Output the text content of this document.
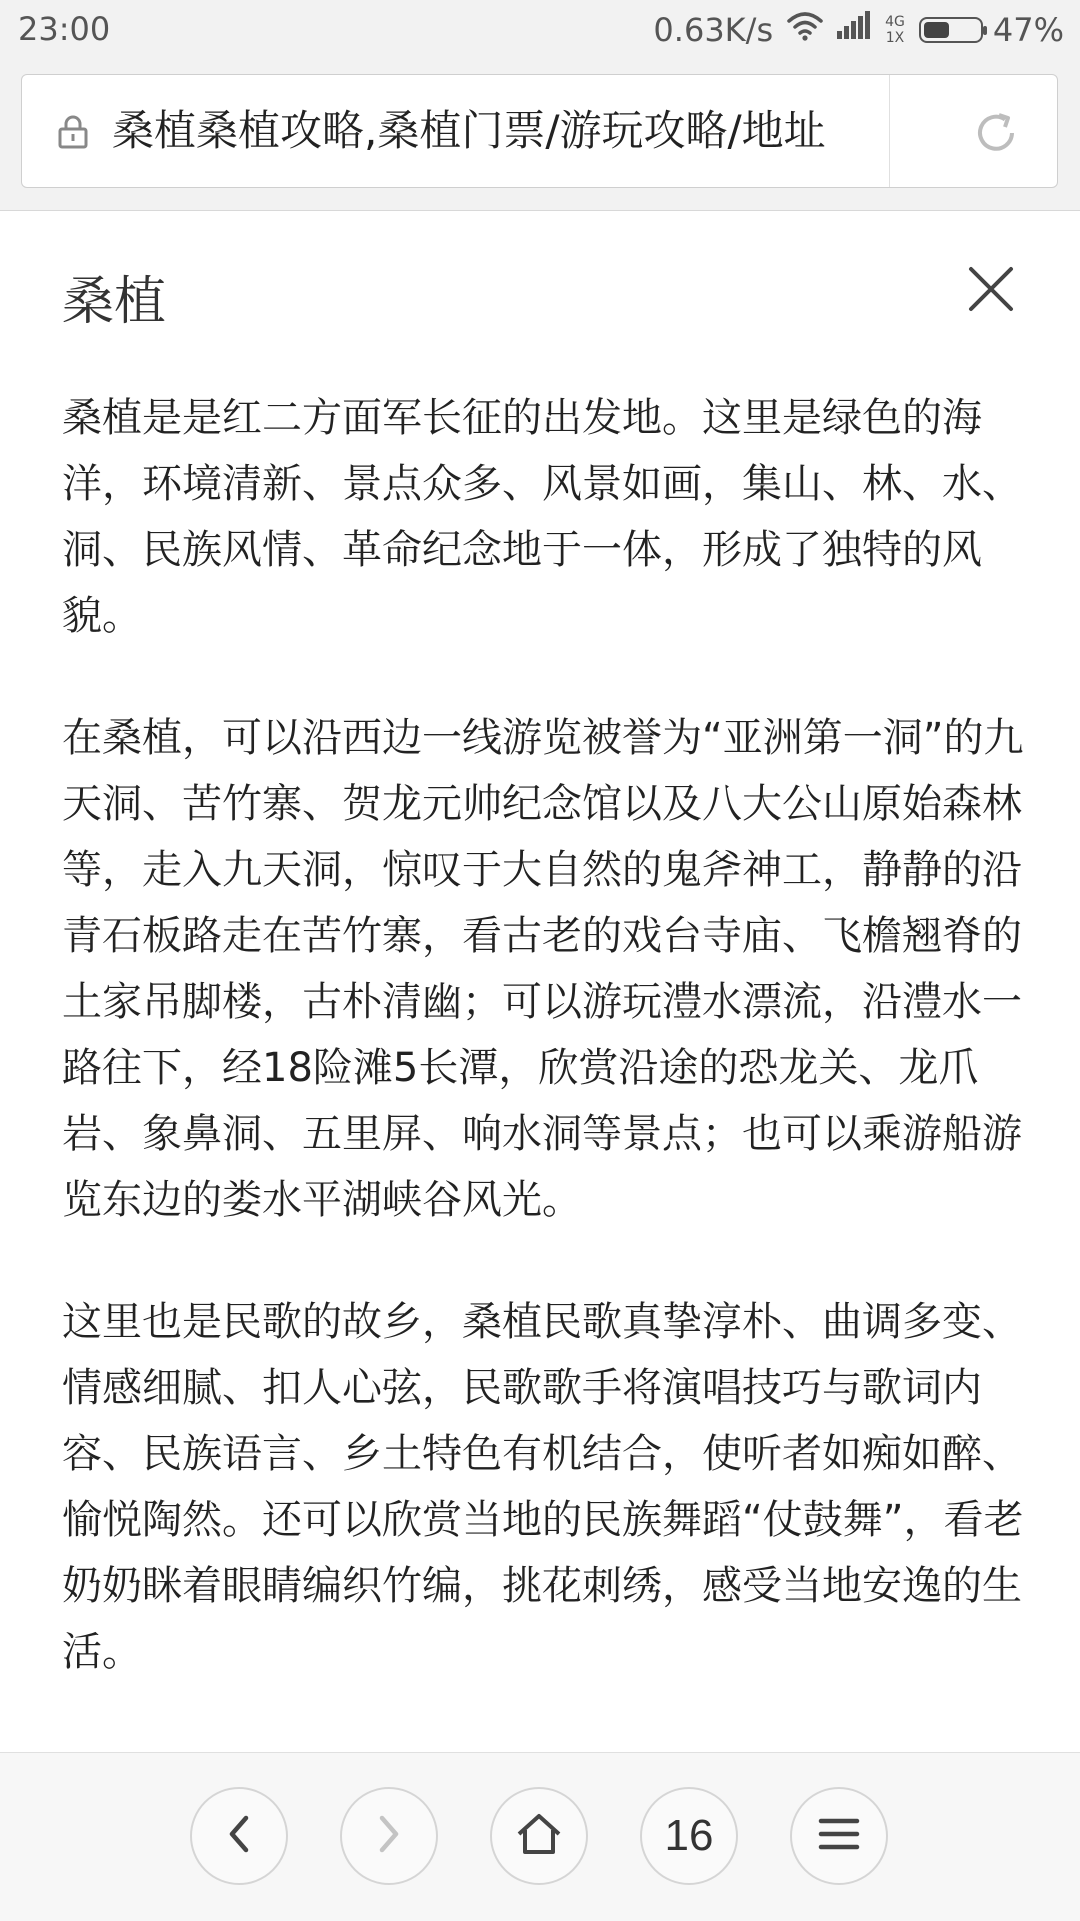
23:00	0.63K/s	4G
1X	47%
桑植桑植攻略,桑植门票/游玩攻略/地址
桑植

桑植是是红二方面军长征的出发地。这里是绿色的海洋，环境清新、景点众多、风景如画，集山、林、水、洞、民族风情、革命纪念地于一体，形成了独特的风貌。

在桑植，可以沿西边一线游览被誉为“亚洲第一洞”的九天洞、苦竹寨、贺龙元帅纪念馆以及八大公山原始森林等，走入九天洞，惊叹于大自然的鬼斧神工，静静的沿青石板路走在苦竹寨，看古老的戏台寺庙、飞檐翘脊的土家吊脚楼，古朴清幽；可以游玩澧水漂流，沿澧水一路往下，经18险滩5长潭，欣赏沿途的恐龙关、龙爪岩、象鼻洞、五里屏、响水洞等景点；也可以乘游船游览东边的娄水平湖峡谷风光。

这里也是民歌的故乡，桑植民歌真挚淳朴、曲调多变、情感细腻、扣人心弦，民歌歌手将演唱技巧与歌词内容、民族语言、乡土特色有机结合，使听者如痴如醉、愉悦陶然。还可以欣赏当地的民族舞蹈“仗鼓舞”，看老奶奶眯着眼睛编织竹编，挑花刺绣，感受当地安逸的生活。

16
